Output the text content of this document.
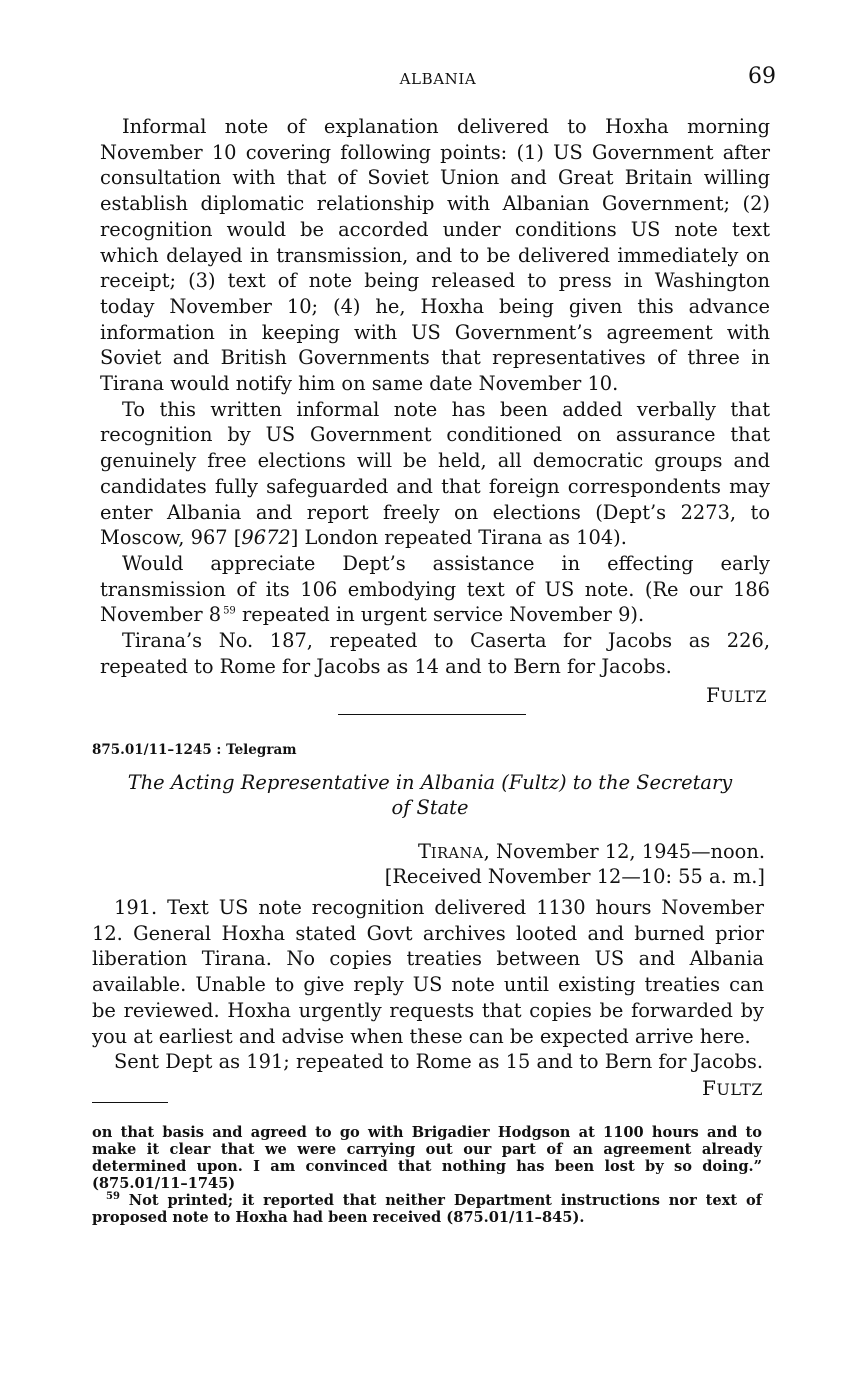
ALBANIA	69

Informal note of explanation delivered to Hoxha morning November 10 covering following points: (1) US Government after consultation with that of Soviet Union and Great Britain willing establish diplomatic relationship with Albanian Government; (2) recognition would be accorded under conditions US note text which delayed in transmission, and to be delivered immediately on receipt; (3) text of note being released to press in Washington today November 10; (4) he, Hoxha being given this advance information in keeping with US Government’s agreement with Soviet and British Governments that representatives of three in Tirana would notify him on same date November 10.

To this written informal note has been added verbally that recognition by US Government conditioned on assurance that genuinely free elections will be held, all democratic groups and candidates fully safeguarded and that foreign correspondents may enter Albania and report freely on elections (Dept’s 2273, to Moscow, 967 [9672] London repeated Tirana as 104).

Would appreciate Dept’s assistance in effecting early transmission of its 106 embodying text of US note. (Re our 186 November 8  $^{59}$ repeated in urgent service November 9).

Tirana’s No. 187, repeated to Caserta for Jacobs as 226, repeated to Rome for Jacobs as 14 and to Bern for Jacobs.

FULTZ
875.01/11–1245 : Telegram
The Acting Representative in Albania (Fultz) to the Secretary
of State
TIRANA, November 12, 1945—noon.
[Received November 12—10: 55 a. m.]

191. Text US note recognition delivered 1130 hours November 12. General Hoxha stated Govt archives looted and burned prior liberation Tirana. No copies treaties between US and Albania available. Unable to give reply US note until existing treaties can be reviewed. Hoxha urgently requests that copies be forwarded by you at earliest and advise when these can be expected arrive here.

Sent Dept as 191; repeated to Rome as 15 and to Bern for Jacobs.

FULTZ

on that basis and agreed to go with Brigadier Hodgson at 1100 hours and to make it clear that we were carrying out our part of an agreement already determined upon. I am convinced that nothing has been lost by so doing.” (875.01/11–1745)

$^{59}$ Not printed; it reported that neither Department instructions nor text of proposed note to Hoxha had been received (875.01/11–845).
